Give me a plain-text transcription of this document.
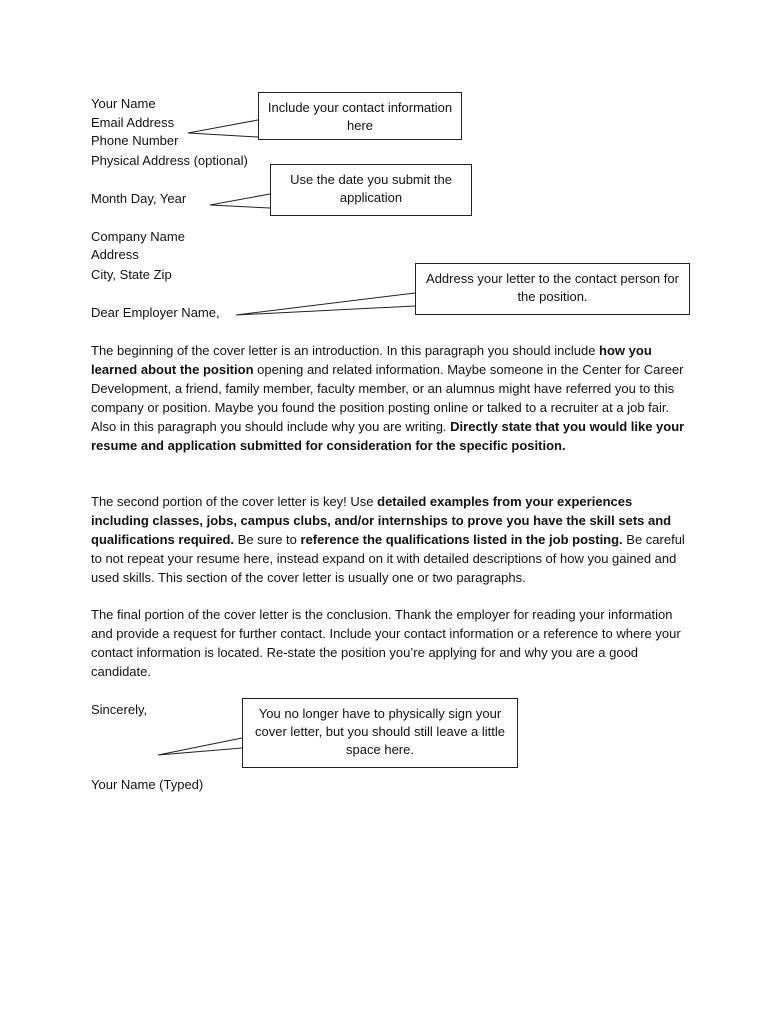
Your Name
Email Address
Phone Number
Physical Address (optional)
Month Day, Year
Company Name
Address
City, State Zip
Dear Employer Name,
The beginning of the cover letter is an introduction. In this paragraph you should include how you learned about the position opening and related information. Maybe someone in the Center for Career Development, a friend, family member, faculty member, or an alumnus might have referred you to this company or position. Maybe you found the position posting online or talked to a recruiter at a job fair. Also in this paragraph you should include why you are writing. Directly state that you would like your resume and application submitted for consideration for the specific position.
The second portion of the cover letter is key! Use detailed examples from your experiences including classes, jobs, campus clubs, and/or internships to prove you have the skill sets and qualifications required. Be sure to reference the qualifications listed in the job posting. Be careful to not repeat your resume here, instead expand on it with detailed descriptions of how you gained and used skills. This section of the cover letter is usually one or two paragraphs.
The final portion of the cover letter is the conclusion. Thank the employer for reading your information and provide a request for further contact. Include your contact information or a reference to where your contact information is located. Re-state the position you’re applying for and why you are a good candidate.
Sincerely,
Your Name (Typed)
Include your contact information here
Use the date you submit the application
Address your letter to the contact person for the position.
You no longer have to physically sign your cover letter, but you should still leave a little space here.
